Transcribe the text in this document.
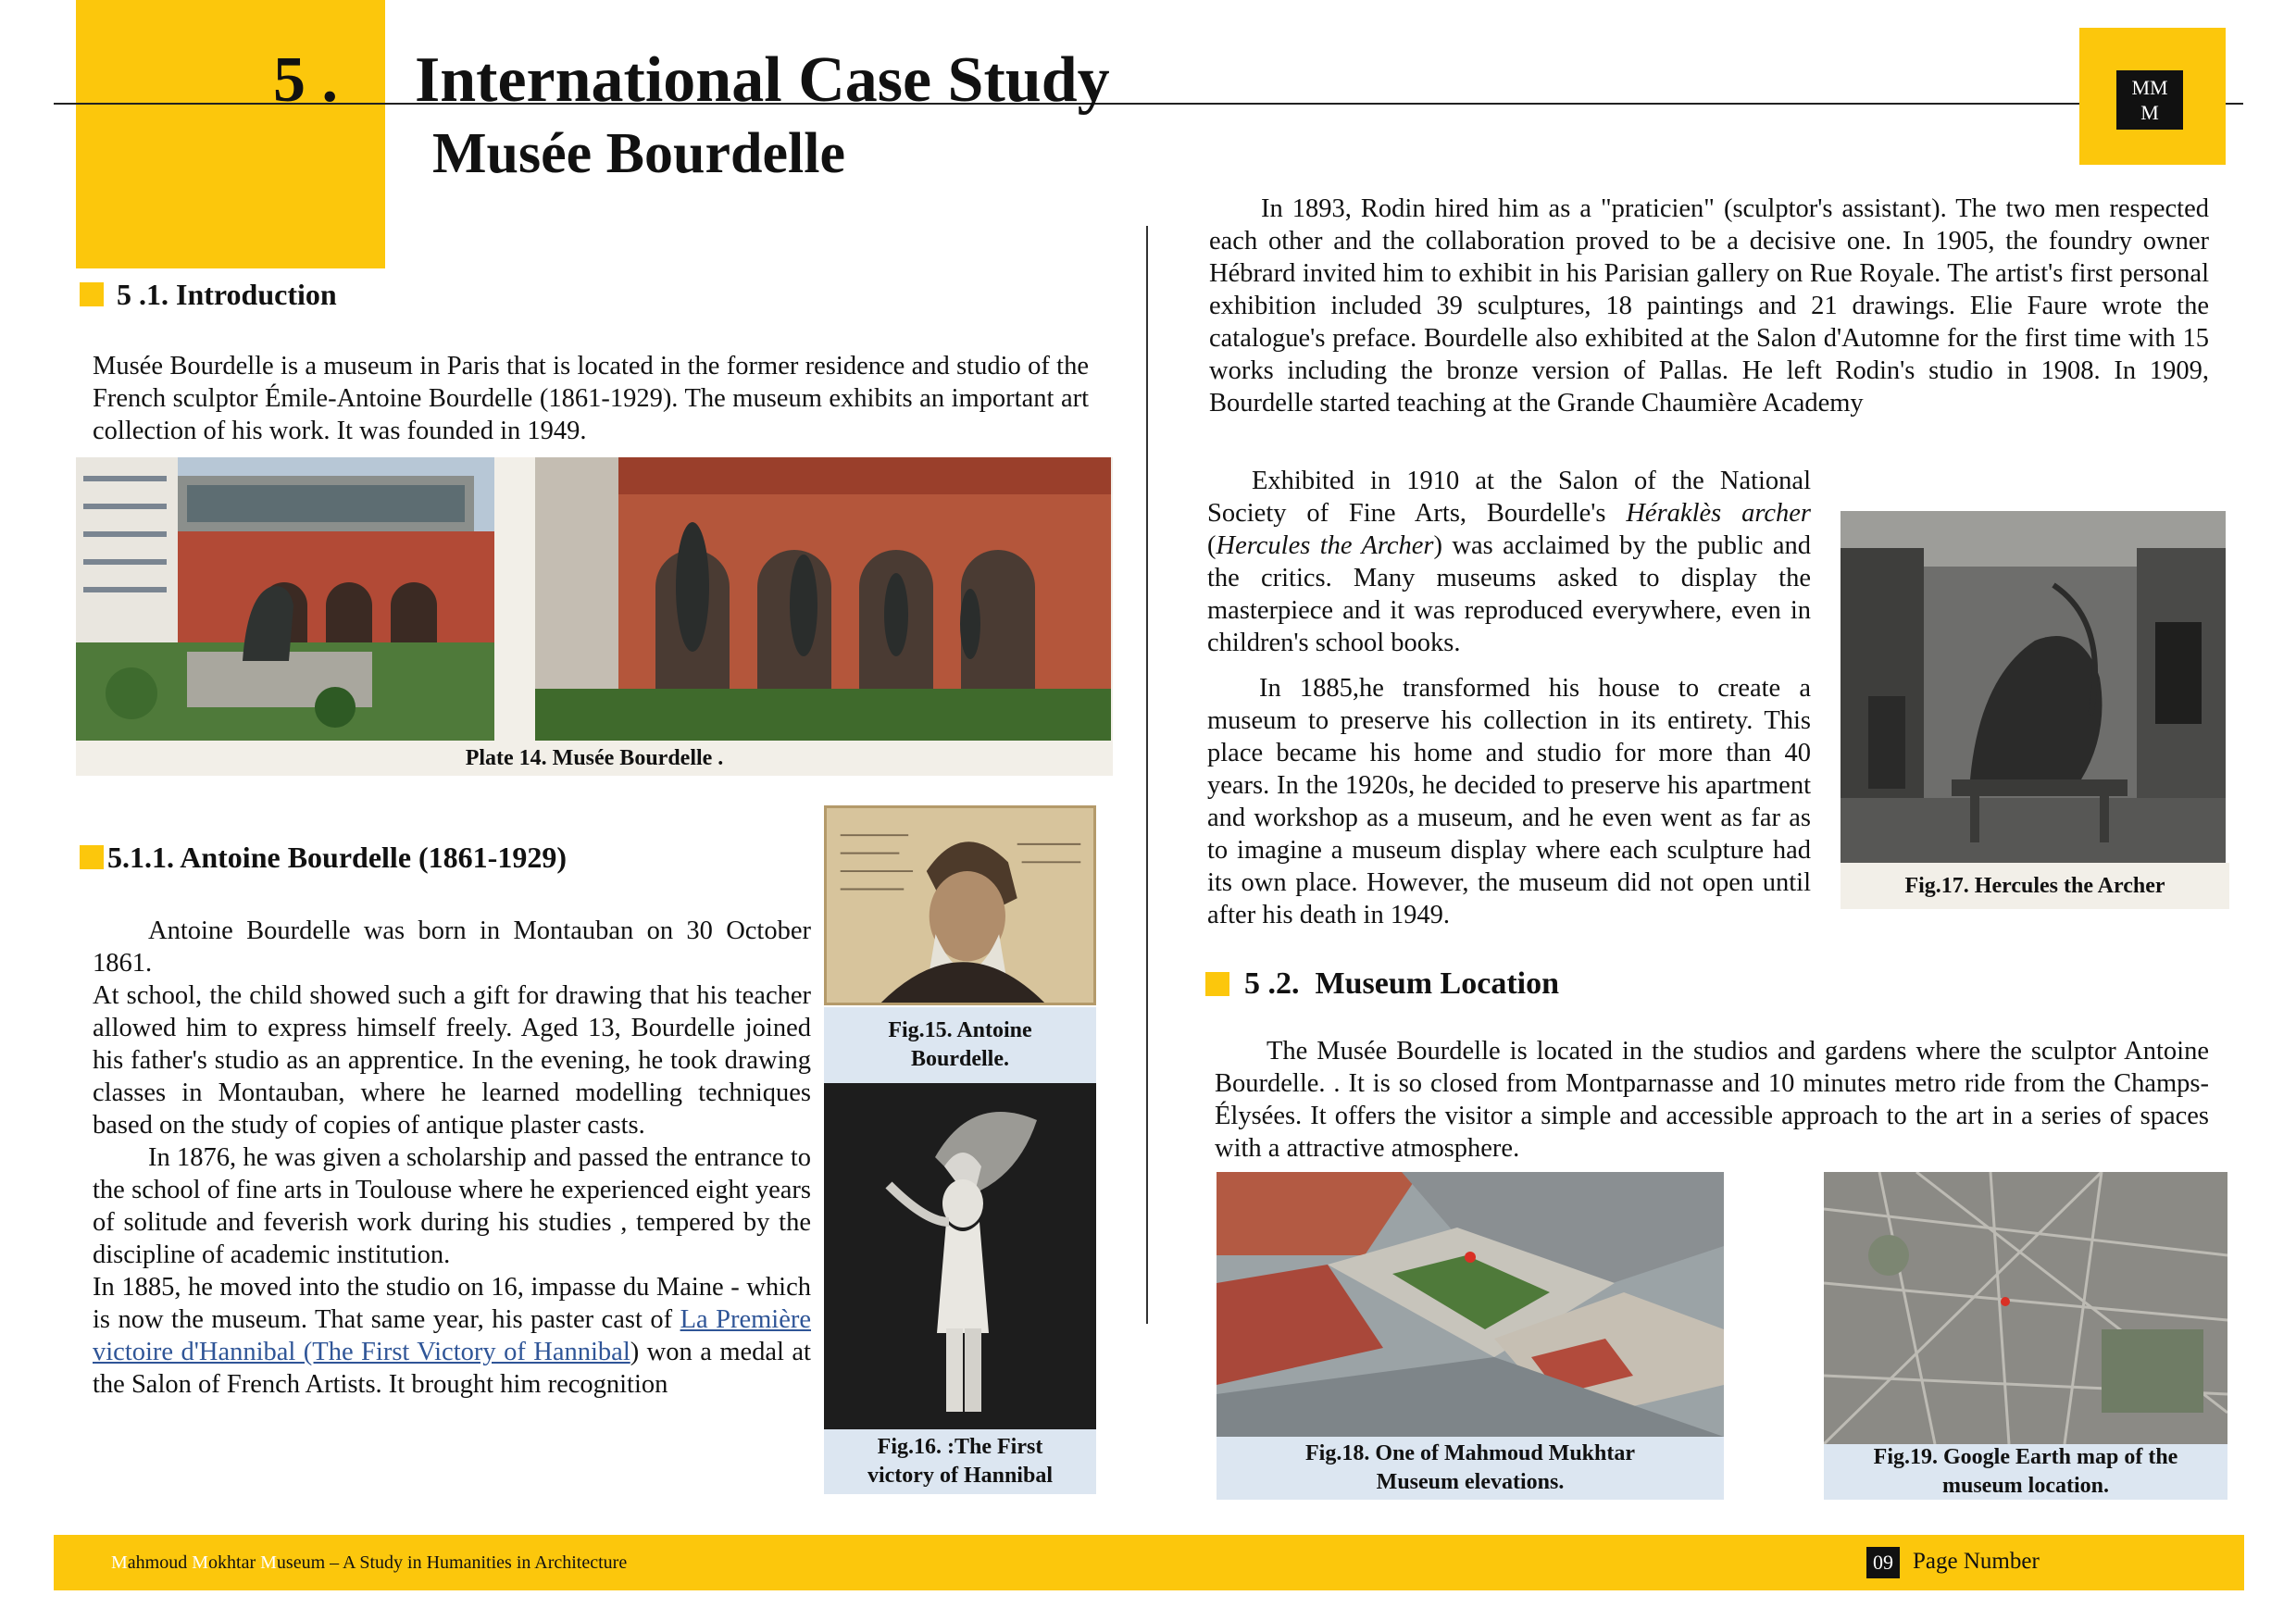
5 . International Case Study
Musée Bourdelle
MM
M
5 .1. Introduction

Musée Bourdelle is a museum in Paris that is located in the former residence and studio of the French sculptor Émile-Antoine Bourdelle (1861-1929). The museum exhibits an important art collection of his work. It was founded in 1949.

Plate 14. Musée Bourdelle .
5.1.1. Antoine Bourdelle (1861-1929)

Antoine Bourdelle was born in Montauban on 30 October 1861.

At school, the child showed such a gift for drawing that his teacher allowed him to express himself freely. Aged 13, Bourdelle joined his father's studio as an apprentice. In the evening, he took drawing classes in Montauban, where he learned modelling techniques based on the study of copies of antique plaster casts.

In 1876, he was given a scholarship and passed the entrance to the school of fine arts in Toulouse where he experienced eight years of solitude and feverish work during his studies , tempered by the discipline of academic institution.

In 1885, he moved into the studio on 16, impasse du Maine - which is now the museum. That same year, his paster cast of La Première victoire d'Hannibal (The First Victory of Hannibal) won a medal at the Salon of French Artists. It brought him recognition

Fig.15. Antoine Bourdelle.
Fig.16. :The First victory of Hannibal

In 1893, Rodin hired him as a "praticien" (sculptor's assistant). The two men respected each other and the collaboration proved to be a decisive one. In 1905, the foundry owner Hébrard invited him to exhibit in his Parisian gallery on Rue Royale. The artist's first personal exhibition included 39 sculptures, 18 paintings and 21 drawings. Elie Faure wrote the catalogue's preface. Bourdelle also exhibited at the Salon d'Automne for the first time with 15 works including the bronze version of Pallas. He left Rodin's studio in 1908. In 1909, Bourdelle started teaching at the Grande Chaumière Academy

Exhibited in 1910 at the Salon of the National Society of Fine Arts, Bourdelle's Héraklès archer (Hercules the Archer) was acclaimed by the public and the critics. Many museums asked to display the masterpiece and it was reproduced everywhere, even in children's school books.

In 1885,he transformed his house to create a museum to preserve his collection in its entirety. This place became his home and studio for more than 40 years. In the 1920s, he decided to preserve his apartment and workshop as a museum, and he even went as far as to imagine a museum display where each sculpture had its own place. However, the museum did not open until after his death in 1949.

Fig.17. Hercules the Archer
5 .2.  Museum Location

The Musée Bourdelle is located in the studios and gardens where the sculptor Antoine Bourdelle. . It is so closed from Montparnasse and 10 minutes metro ride from the Champs-Élysées. It offers the visitor a simple and accessible approach to the art in a series of spaces with a attractive atmosphere.

Fig.18. One of Mahmoud Mukhtar Museum elevations.
Fig.19. Google Earth map of the museum location.
Mahmoud Mokhtar Museum – A Study in Humanities in Architecture	09 Page Number
